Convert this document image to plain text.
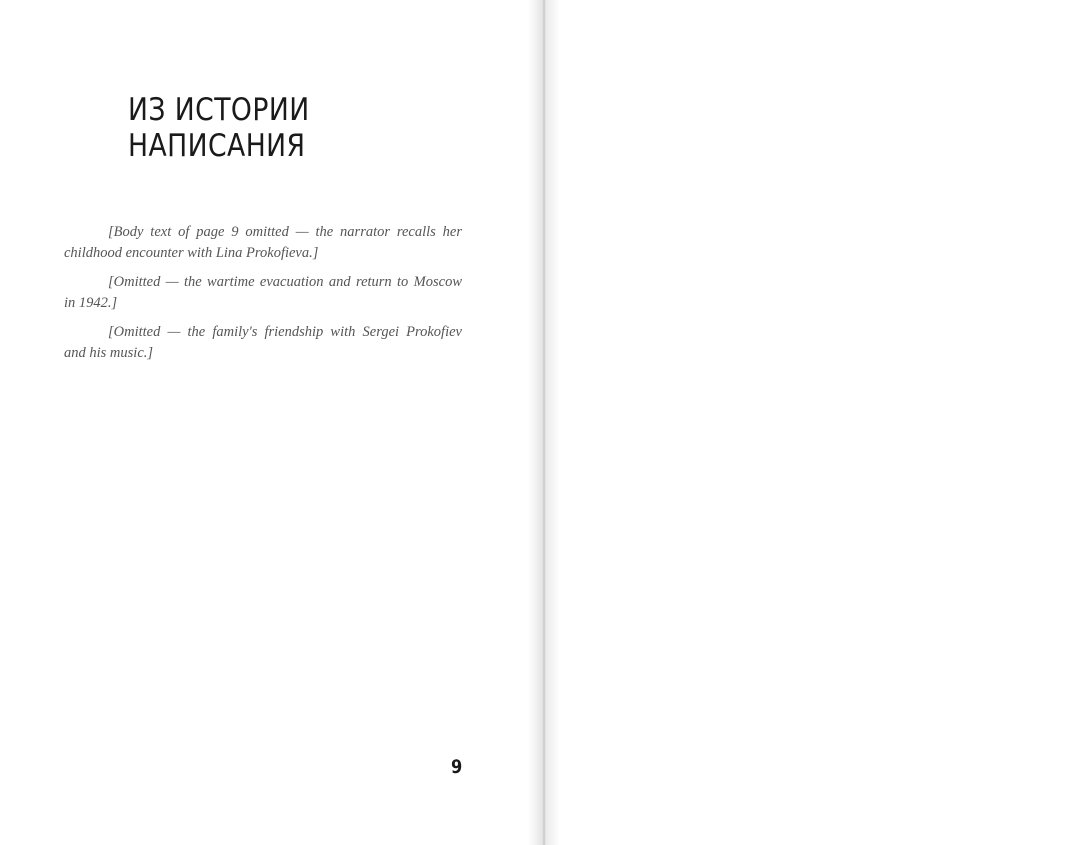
ИЗ ИСТОРИИ НАПИСАНИЯ

[Body text of page 9 omitted — the narrator recalls her childhood encounter with Lina Prokofieva.]

[Omitted — the wartime evacuation and return to Moscow in 1942.]

[Omitted — the family's friendship with Sergei Prokofiev and his music.]

9
